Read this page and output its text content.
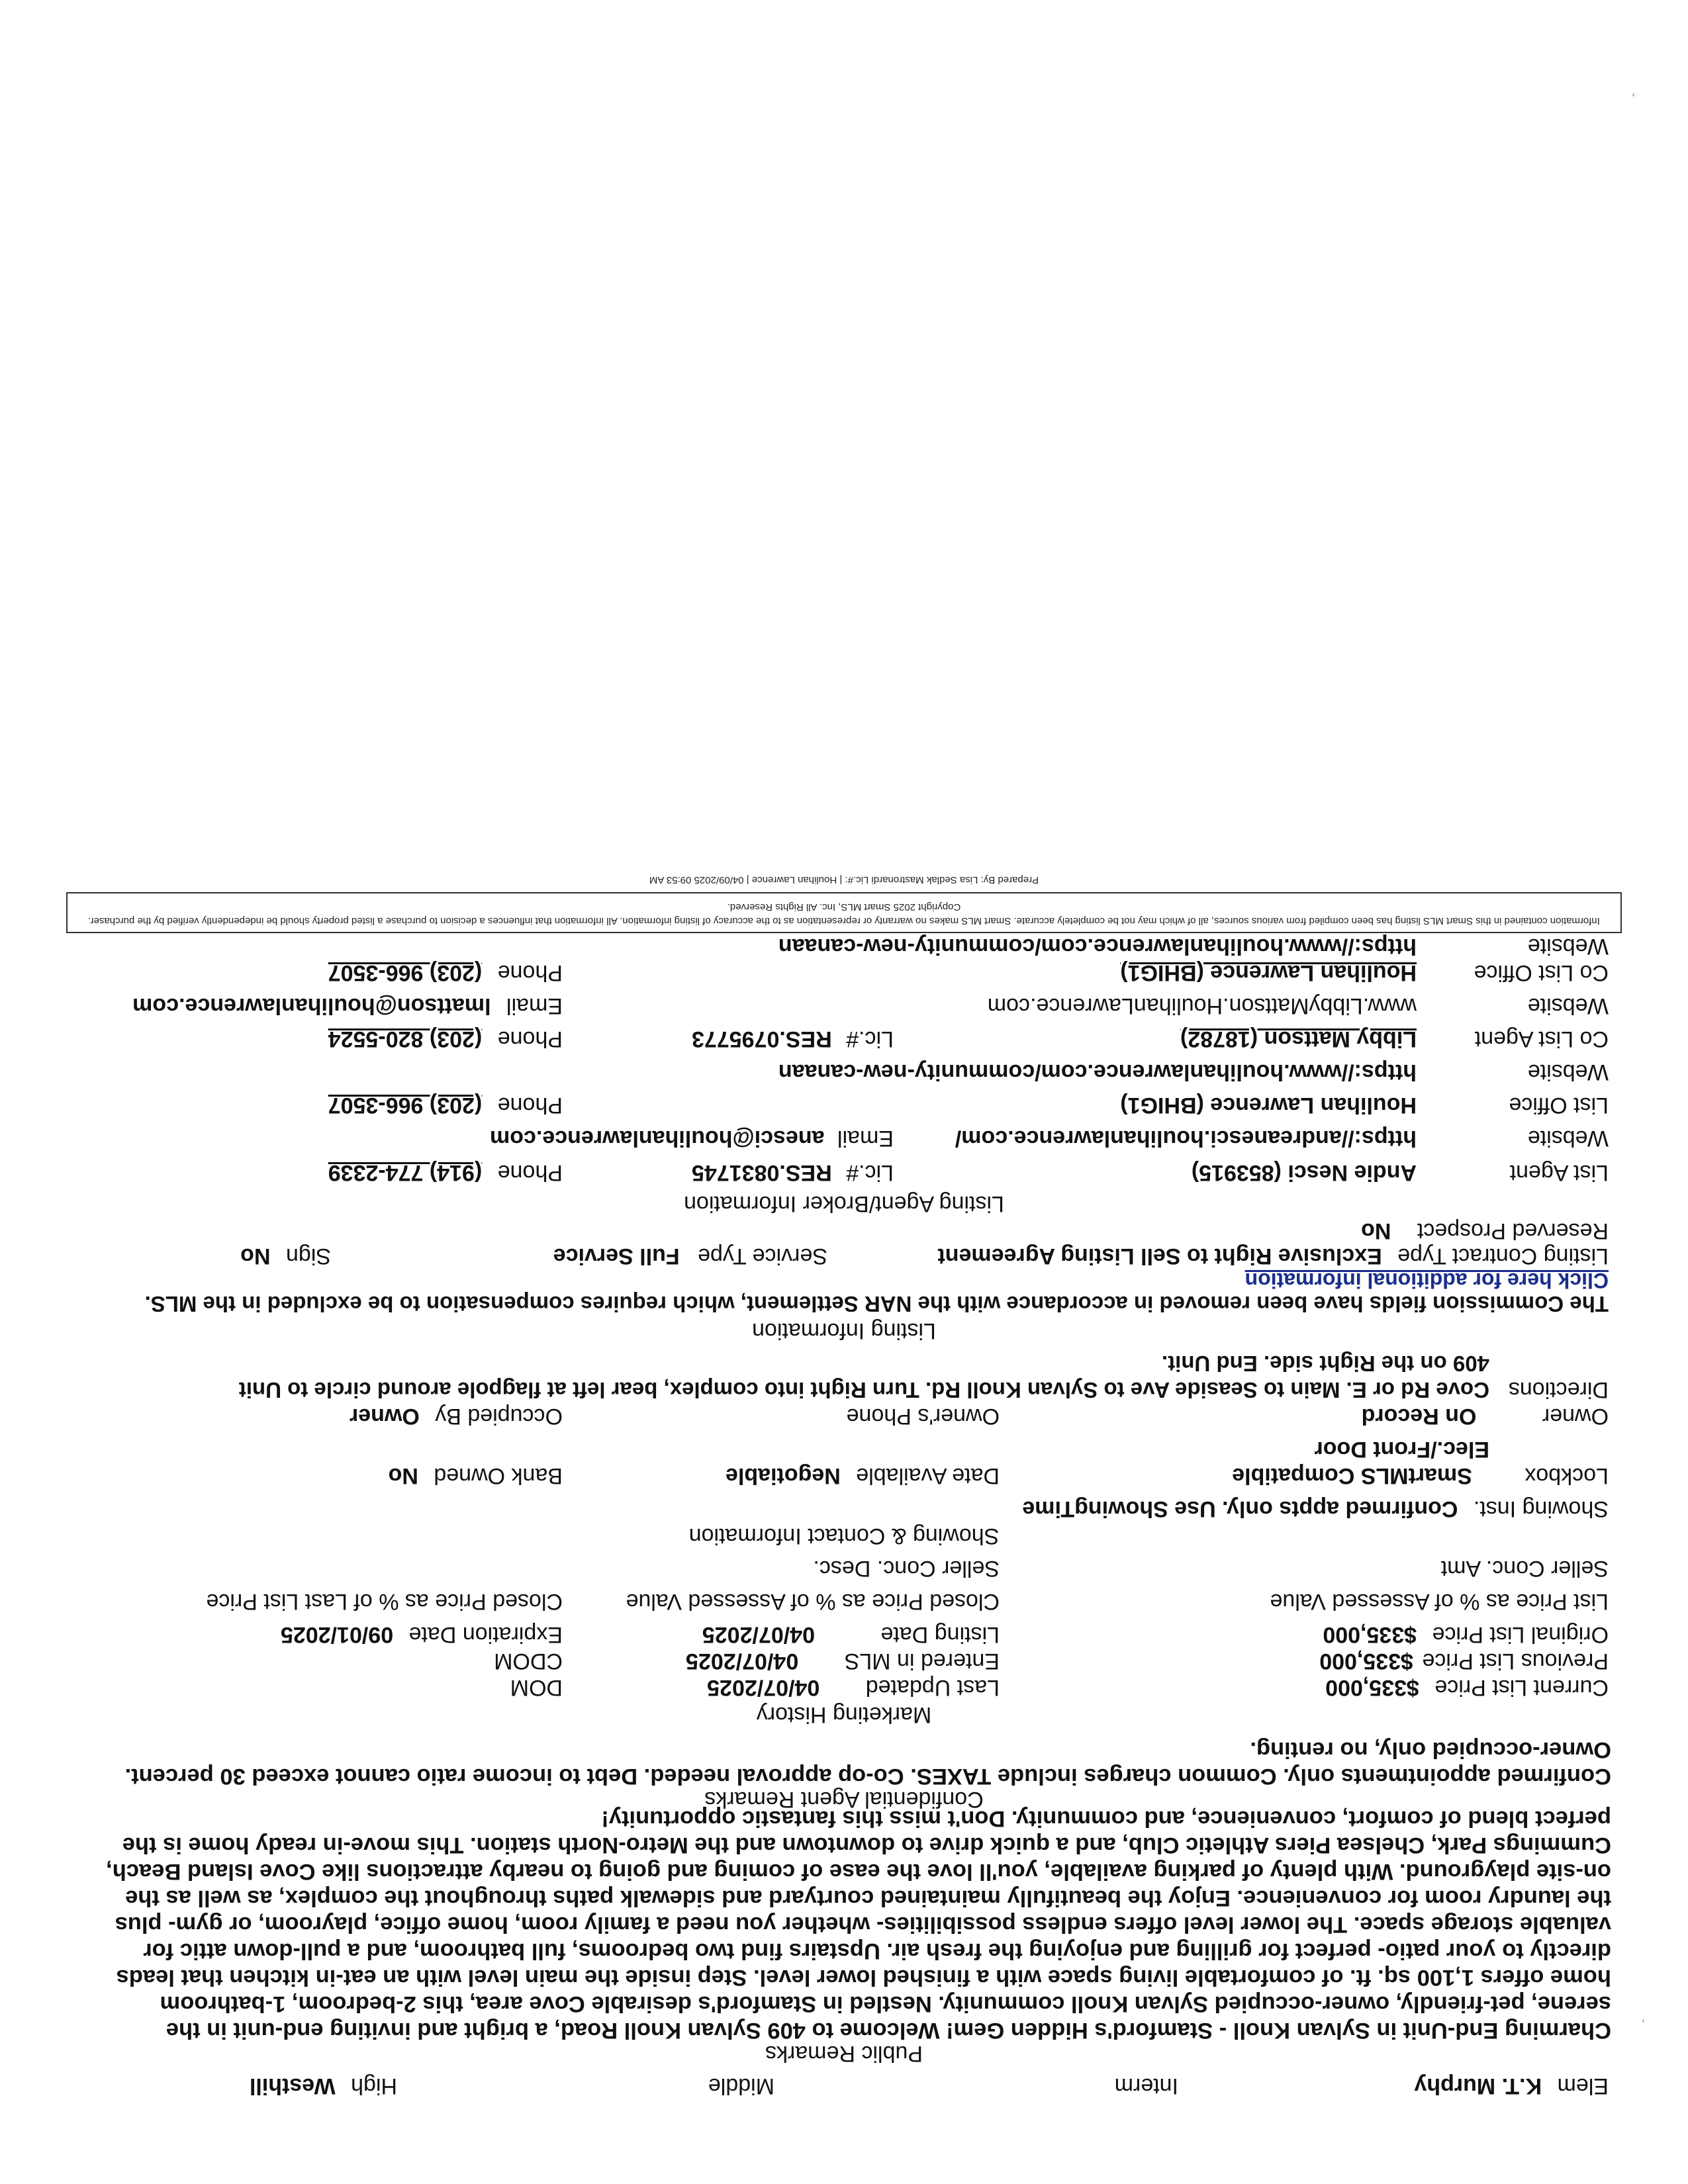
’
’
Elem K.T. Murphy
Interm
Middle
High Westhill
Public Remarks
Charming End-Unit in Sylvan Knoll - Stamford's Hidden Gem! Welcome to 409 Sylvan Knoll Road, a bright and inviting end-unit in the serene, pet-friendly, owner-occupied Sylvan Knoll community. Nestled in Stamford's desirable Cove area, this 2-bedroom, 1-bathroom home offers 1,100 sq. ft. of comfortable living space with a finished lower level. Step inside the main level with an eat-in kitchen that leads directly to your patio- perfect for grilling and enjoying the fresh air. Upstairs find two bedrooms, full bathroom, and a pull-down attic for valuable storage space. The lower level offers endless possibilities- whether you need a family room, home office, playroom, or gym- plus the laundry room for convenience. Enjoy the beautifully maintained courtyard and sidewalk paths throughout the complex, as well as the on-site playground. With plenty of parking available, you'll love the ease of coming and going to nearby attractions like Cove Island Beach, Cummings Park, Chelsea Piers Athletic Club, and a quick drive to downtown and the Metro-North station. This move-in ready home is the perfect blend of comfort, convenience, and community. Don't miss this fantastic opportunity!
Confidential Agent Remarks
Confirmed appointments only. Common charges include TAXES. Co-op approval needed. Debt to income ratio cannot exceed 30 percent. Owner-occupied only, no renting.
Marketing History
Current List Price $335,000
Last Updated 04/07/2025
DOM
Previous List Price $335,000
Entered in MLS 04/07/2025
CDOM
Original List Price $335,000
Listing Date 04/07/2025
Expiration Date 09/01/2025
List Price as % of Assessed Value
Closed Price as % of Assessed Value
Closed Price as % of Last List Price
Seller Conc. Amt
Seller Conc. Desc.
Showing & Contact Information
Showing Inst. Confirmed appts only. Use ShowingTime
Lockbox SmartMLS Compatible
Date Available Negotiable
Bank Owned No
Elec./Front Door
Owner On Record
Owner's Phone
Occupied By Owner
Directions
Cove Rd or E. Main to Seaside Ave to Sylvan Knoll Rd. Turn Right into complex, bear left at flagpole around circle to Unit
409 on the Right side. End Unit.
Listing Information
The Commission fields have been removed in accordance with the NAR Settlement, which requires compensation to be excluded in the MLS.
Click here for additional information
Listing Contract Type Exclusive Right to Sell Listing Agreement
Service Type Full Service
Sign No
Reserved Prospect No
Listing Agent/Broker Information
List Agent
Andie Nesci (853915)
Lic.# RES.0831745
Phone (914) 774-2339
Website
https://andreanesci.houlihanlawrence.com/
Email anesci@houlihanlawrence.com
List Office
Houlihan Lawrence (BHIG1)
Phone (203) 966-3507
Website
https://www.houlihanlawrence.com/community-new-canaan
Co List Agent
Libby Mattson (18782)
Lic.# RES.0795773
Phone (203) 820-5524
Website
www.LibbyMattson.HoulihanLawrence.com
Email lmattson@houlihanlawrence.com
Co List Office
Houlihan Lawrence (BHIG1)
Phone (203) 966-3507
Website
https://www.houlihanlawrence.com/community-new-canaan
Information contained in this Smart MLS listing has been compiled from various sources, all of which may not be completely accurate. Smart MLS makes no warranty or representation as to the accuracy of listing information. All information that influences a decision to purchase a listed property should be independently verified by the purchaser. Copyright 2025 Smart MLS, Inc. All Rights Reserved.
Prepared By: Lisa Sedlak Mastronardi Lic.#: | Houlihan Lawrence | 04/09/2025 09:53 AM
